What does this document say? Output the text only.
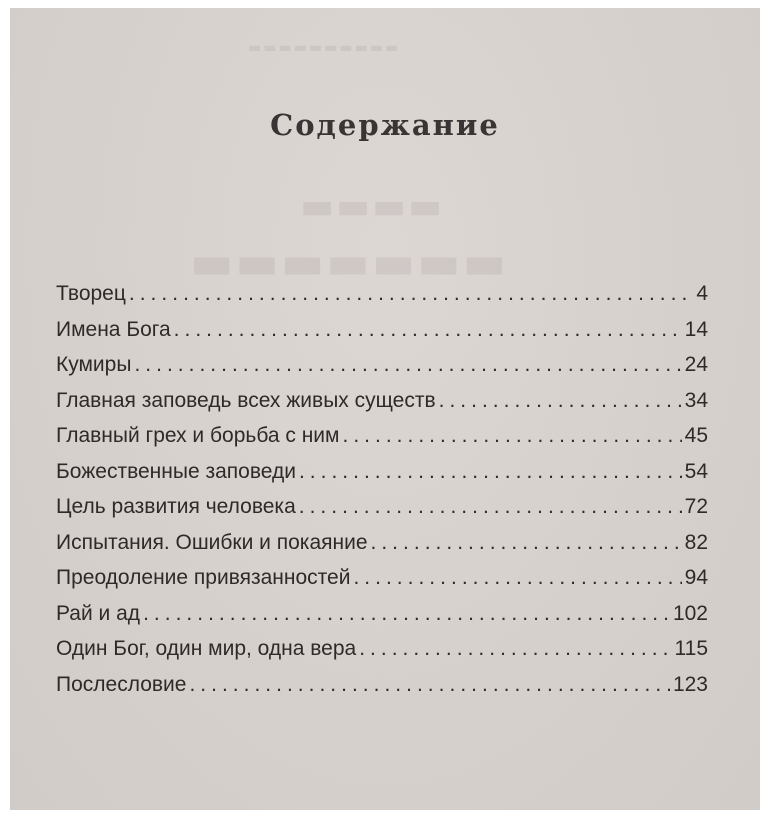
▬▬▬▬▬▬▬▬▬▬
▬▬▬▬
▬▬▬▬▬▬▬
Содержание
Творец .....	4
Имена Бога .....	14
Кумиры .....	24
Главная заповедь всех живых существ .....	34
Главный грех и борьба с ним .....	45
Божественные заповеди .....	54
Цель развития человека .....	72
Испытания. Ошибки и покаяние .....	82
Преодоление привязанностей .....	94
Рай и ад .....	102
Один Бог, один мир, одна вера .....	115
Послесловие .....	123
